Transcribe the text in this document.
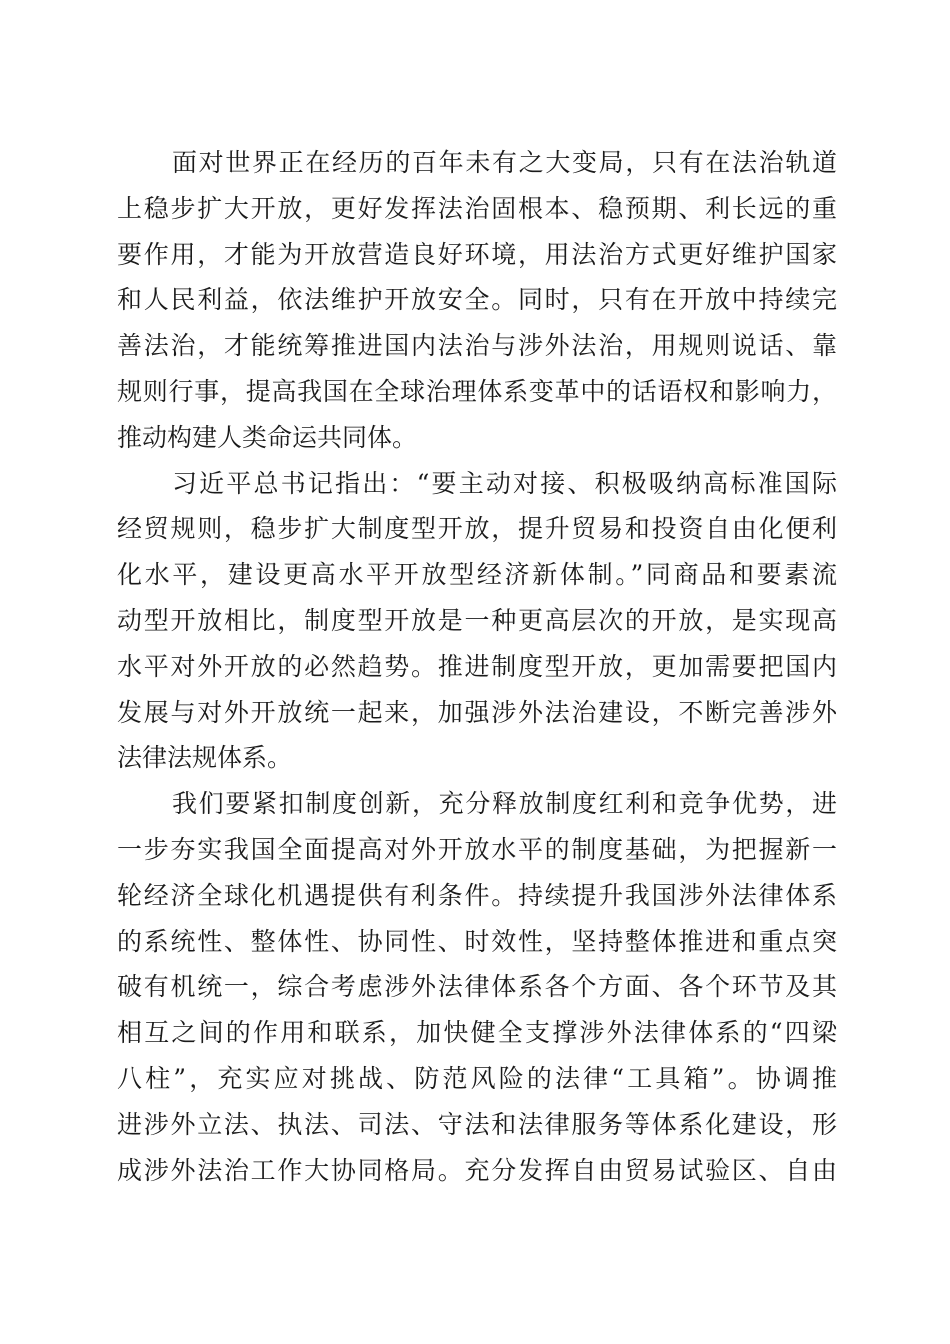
面对世界正在经历的百年未有之大变局，只有在法治轨道
上稳步扩大开放，更好发挥法治固根本、稳预期、利长远的重
要作用，才能为开放营造良好环境，用法治方式更好维护国家
和人民利益，依法维护开放安全。同时，只有在开放中持续完
善法治，才能统筹推进国内法治与涉外法治，用规则说话、靠
规则行事，提高我国在全球治理体系变革中的话语权和影响力，
推动构建人类命运共同体。
习近平总书记指出：“要主动对接、积极吸纳高标准国际
经贸规则，稳步扩大制度型开放，提升贸易和投资自由化便利
化水平，建设更高水平开放型经济新体制。”同商品和要素流
动型开放相比，制度型开放是一种更高层次的开放，是实现高
水平对外开放的必然趋势。推进制度型开放，更加需要把国内
发展与对外开放统一起来，加强涉外法治建设，不断完善涉外
法律法规体系。
我们要紧扣制度创新，充分释放制度红利和竞争优势，进
一步夯实我国全面提高对外开放水平的制度基础，为把握新一
轮经济全球化机遇提供有利条件。持续提升我国涉外法律体系
的系统性、整体性、协同性、时效性，坚持整体推进和重点突
破有机统一，综合考虑涉外法律体系各个方面、各个环节及其
相互之间的作用和联系，加快健全支撑涉外法律体系的“四梁
八柱”，充实应对挑战、防范风险的法律“工具箱”。协调推
进涉外立法、执法、司法、守法和法律服务等体系化建设，形
成涉外法治工作大协同格局。充分发挥自由贸易试验区、自由
